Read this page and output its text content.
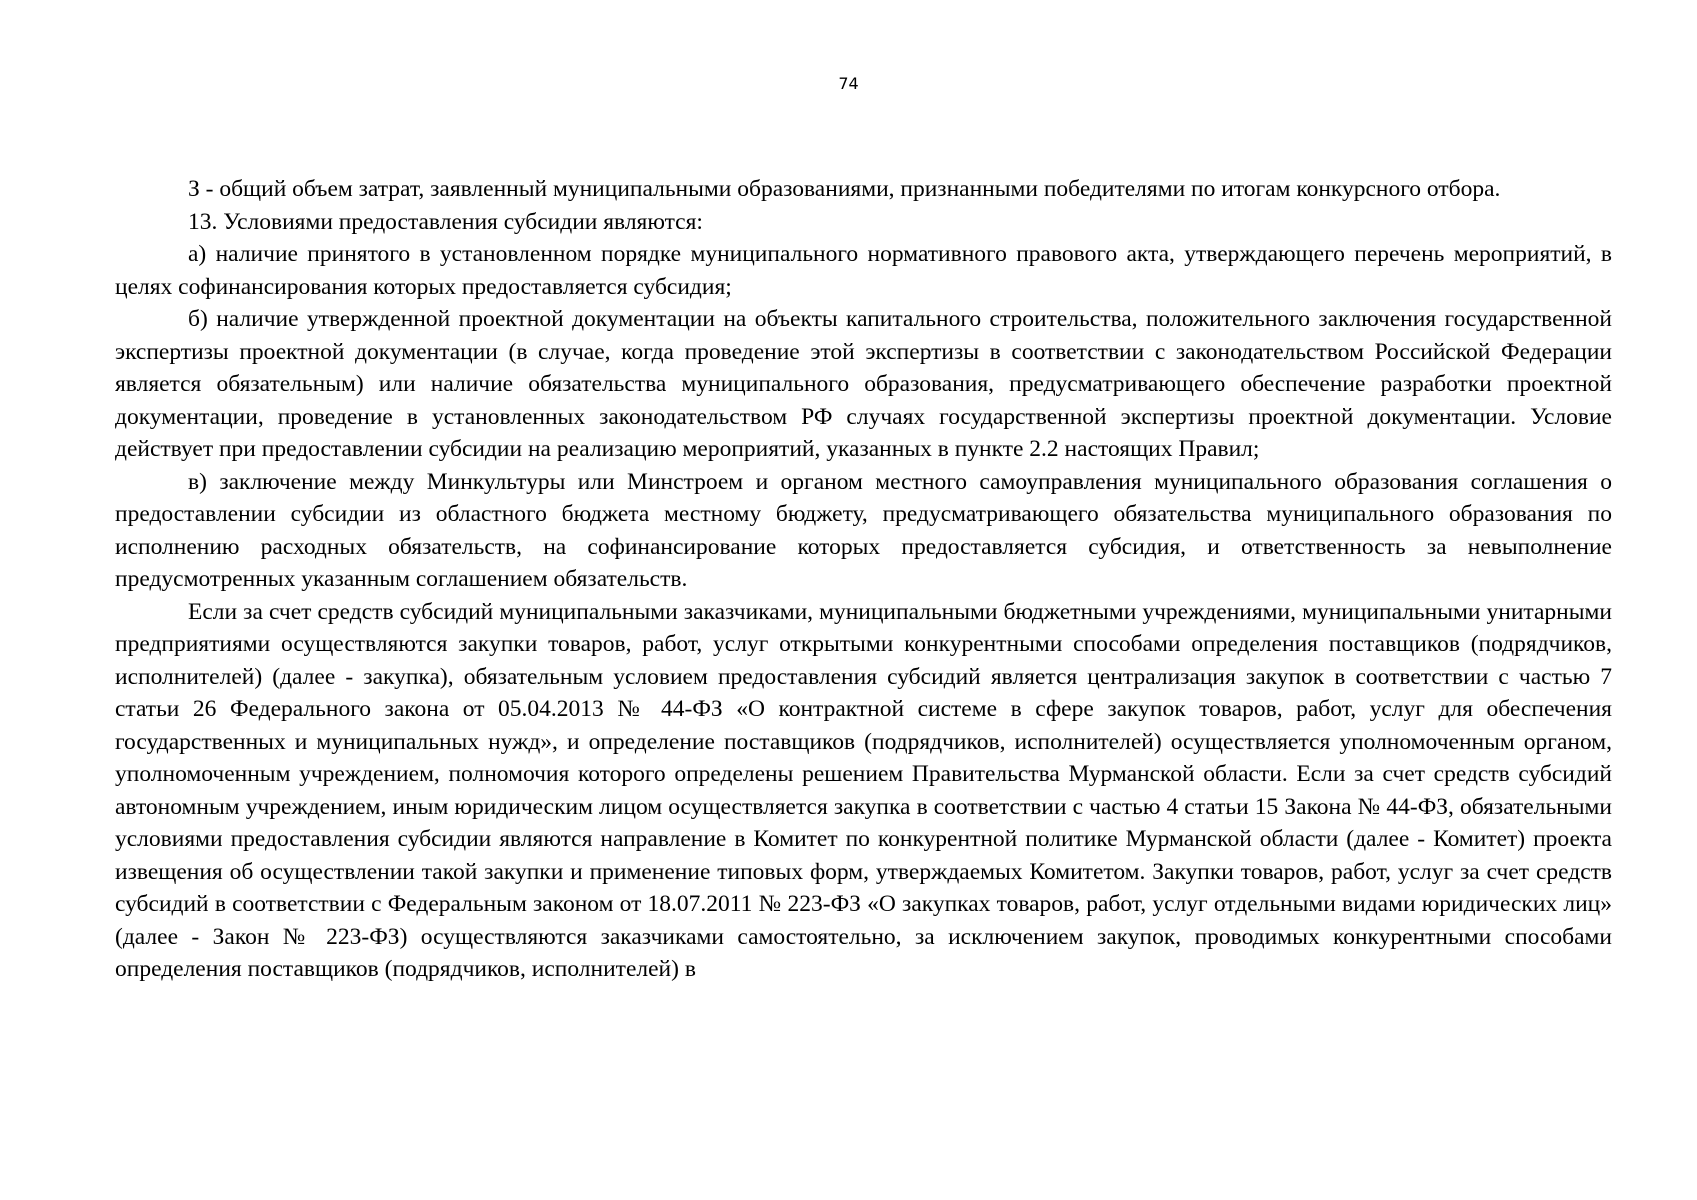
74

З - общий объем затрат, заявленный муниципальными образованиями, признанными победителями по итогам конкурсного отбора.

13. Условиями предоставления субсидии являются:

а) наличие принятого в установленном порядке муниципального нормативного правового акта, утверждающего перечень мероприятий, в целях софинансирования которых предоставляется субсидия;

б) наличие утвержденной проектной документации на объекты капитального строительства, положительного заключения государственной экспертизы проектной документации (в случае, когда проведение этой экспертизы в соответствии с законодательством Российской Федерации является обязательным) или наличие обязательства муниципального образования, предусматривающего обеспечение разработки проектной документации, проведение в установленных законодательством РФ случаях государственной экспертизы проектной документации. Условие действует при предоставлении субсидии на реализацию мероприятий, указанных в пункте 2.2 настоящих Правил;

в) заключение между Минкультуры или Минстроем и органом местного самоуправления муниципального образования соглашения о предоставлении субсидии из областного бюджета местному бюджету, предусматривающего обязательства муниципального образования по исполнению расходных обязательств, на софинансирование которых предоставляется субсидия, и ответственность за невыполнение предусмотренных указанным соглашением обязательств.

Если за счет средств субсидий муниципальными заказчиками, муниципальными бюджетными учреждениями, муниципальными унитарными предприятиями осуществляются закупки товаров, работ, услуг открытыми конкурентными способами определения поставщиков (подрядчиков, исполнителей) (далее - закупка), обязательным условием предоставления субсидий является централизация закупок в соответствии с частью 7 статьи 26 Федерального закона от 05.04.2013 № 44-ФЗ «О контрактной системе в сфере закупок товаров, работ, услуг для обеспечения государственных и муниципальных нужд», и определение поставщиков (подрядчиков, исполнителей) осуществляется уполномоченным органом, уполномоченным учреждением, полномочия которого определены решением Правительства Мурманской области. Если за счет средств субсидий автономным учреждением, иным юридическим лицом осуществляется закупка в соответствии с частью 4 статьи 15 Закона № 44-ФЗ, обязательными условиями предоставления субсидии являются направление в Комитет по конкурентной политике Мурманской области (далее - Комитет) проекта извещения об осуществлении такой закупки и применение типовых форм, утверждаемых Комитетом. Закупки товаров, работ, услуг за счет средств субсидий в соответствии с Федеральным законом от 18.07.2011 № 223-ФЗ «О закупках товаров, работ, услуг отдельными видами юридических лиц» (далее - Закон № 223-ФЗ) осуществляются заказчиками самостоятельно, за исключением закупок, проводимых конкурентными способами определения поставщиков (подрядчиков, исполнителей) в
